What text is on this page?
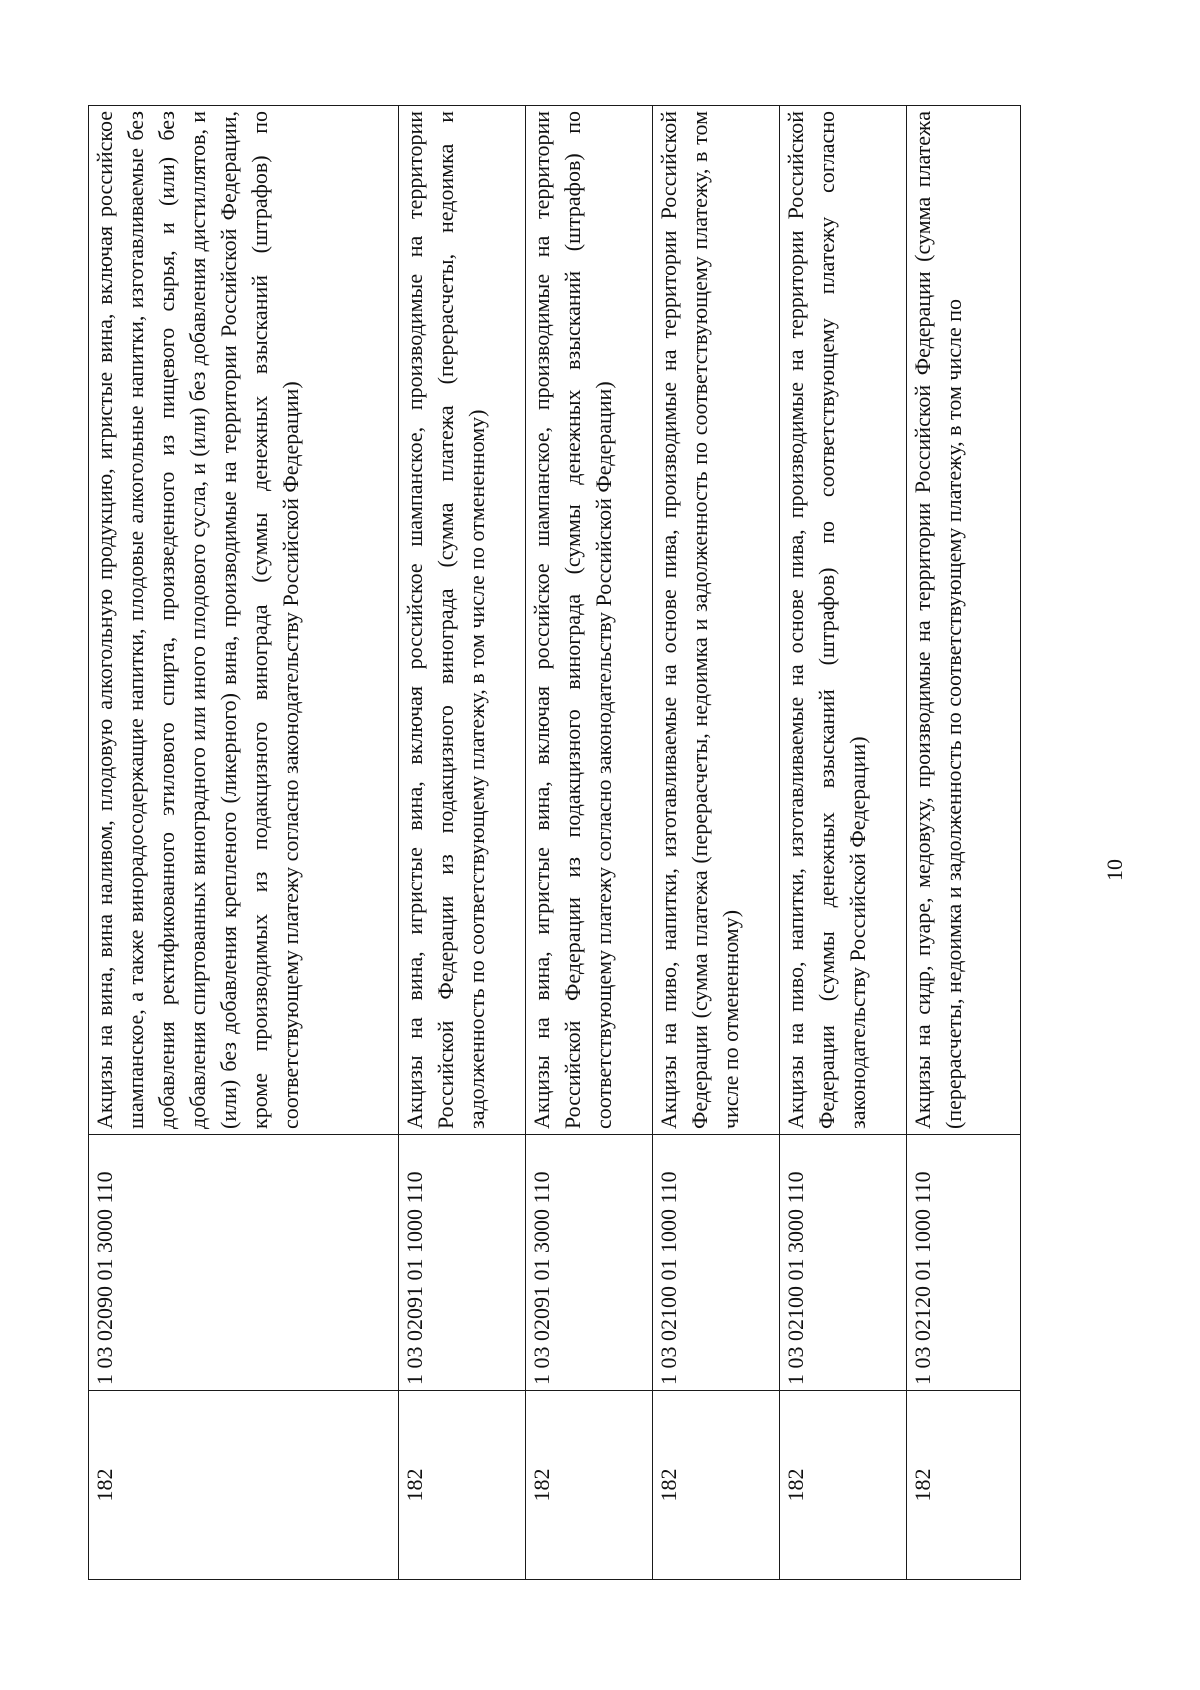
182	1 03 02090 01 3000 110	Акцизы на вина, вина наливом, плодовую алкогольную продукцию, игристые вина, включая российское шампанское, а также винорадосодержащие напитки, плодовые алкогольные напитки, изготавливаемые без добавления ректификованного этилового спирта, произведенного из пищевого сырья, и (или) без добавления спиртованных виноградного или иного плодового сусла, и (или) без добавления дистиллятов, и (или) без добавления крепленого (ликерного) вина, производимые на территории Российской Федерации, кроме производимых из подакцизного винограда (суммы денежных взысканий (штрафов) по соответствующему платежу согласно законодательству Российской Федерации)
182	1 03 02091 01 1000 110	Акцизы на вина, игристые вина, включая российское шампанское, производимые на территории Российской Федерации из подакцизного винограда (сумма платежа (перерасчеты, недоимка и задолженность по соответствующему платежу, в том числе по отмененному)
182	1 03 02091 01 3000 110	Акцизы на вина, игристые вина, включая российское шампанское, производимые на территории Российской Федерации из подакцизного винограда (суммы денежных взысканий (штрафов) по соответствующему платежу согласно законодательству Российской Федерации)
182	1 03 02100 01 1000 110	Акцизы на пиво, напитки, изготавливаемые на основе пива, производимые на территории Российской Федерации (сумма платежа (перерасчеты, недоимка и задолженность по соответствующему платежу, в том числе по отмененному)
182	1 03 02100 01 3000 110	Акцизы на пиво, напитки, изготавливаемые на основе пива, производимые на территории Российской Федерации (суммы денежных взысканий (штрафов) по соответствующему платежу согласно законодательству Российской Федерации)
182	1 03 02120 01 1000 110	Акцизы на сидр, пуаре, медовуху, производимые на территории Российской Федерации (сумма платежа (перерасчеты, недоимка и задолженность по соответствующему платежу, в том числе по	10
